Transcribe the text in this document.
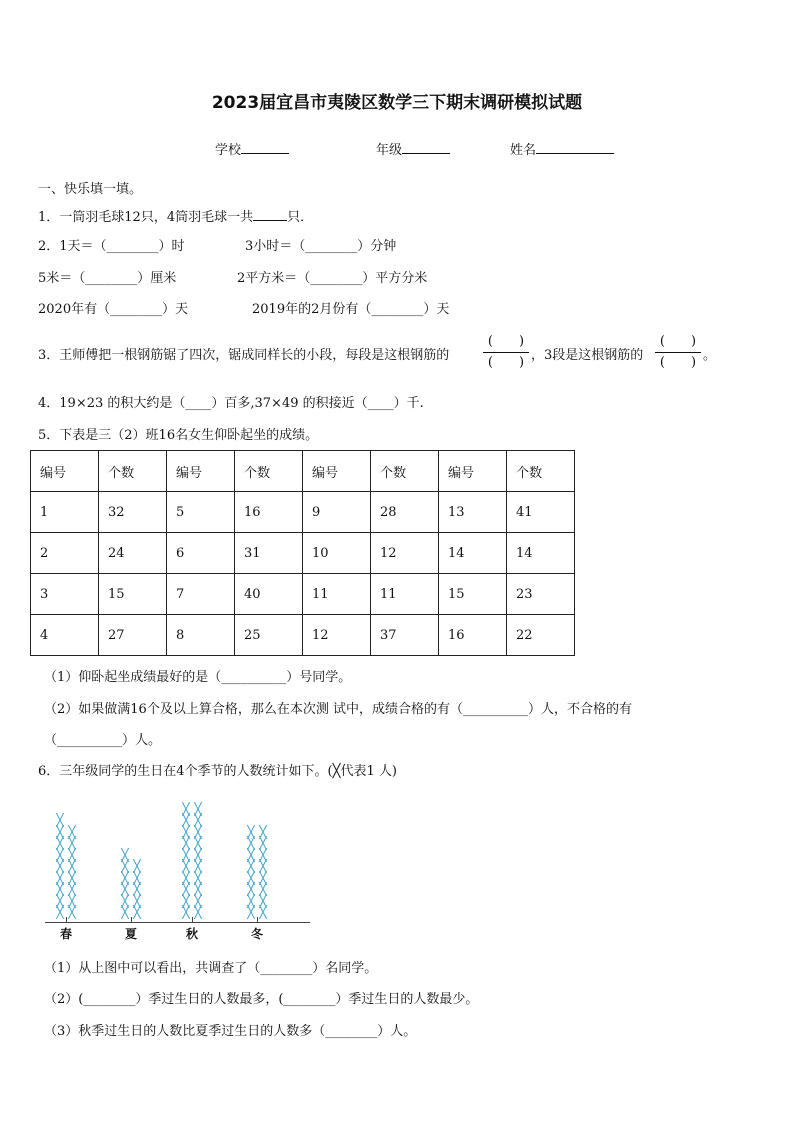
2023届宜昌市夷陵区数学三下期末调研模拟试题
学校	年级	姓名
一、快乐填一填。
1．一筒羽毛球12只，4筒羽毛球一共	只．
2．1天＝（________）时	3小时＝（________）分钟
5米＝（________）厘米	2平方米＝（________）平方分米
2020年有（________）天	2019年的2月份有（________）天
3．王师傅把一根钢筋锯了四次，锯成同样长的小段，每段是这根钢筋的
(　　)
(　　) ，3段是这根钢筋的
(　　)
(　　) 。
4．19×23 的积大约是（____）百多,37×49 的积接近（____）千.
5．下表是三（2）班16名女生仰卧起坐的成绩。
编号	个数	编号	个数	编号	个数	编号	个数
1	32	5	16	9	28	13	41
2	24	6	31	10	12	14	14
3	15	7	40	11	11	15	23
4	27	8	25	12	37	16	22
（1）仰卧起坐成绩最好的是（__________）号同学。
（2）如果做满16个及以上算合格，那么在本次测 试中，成绩合格的有（__________）人，不合格的有
（__________）人。
6．三年级同学的生日在4个季节的人数统计如下。(╳代表1 人)
╳ ╳
╳ ╳
╳ ╳
╳ ╳
╳ ╳
╳ ╳
╳ ╳
╳ ╳
╳
春
╳ ╳
╳ ╳
╳ ╳
╳ ╳
╳ ╳
╳
夏
╳ ╳
╳ ╳
╳ ╳
╳ ╳
╳ ╳
╳ ╳
╳ ╳
╳ ╳
╳ ╳
╳ ╳
秋
╳ ╳
╳ ╳
╳ ╳
╳ ╳
╳ ╳
╳ ╳
╳ ╳
╳ ╳
冬
（1）从上图中可以看出，共调查了（________）名同学。
（2）(________）季过生日的人数最多，(________）季过生日的人数最少。
（3）秋季过生日的人数比夏季过生日的人数多（________）人。
